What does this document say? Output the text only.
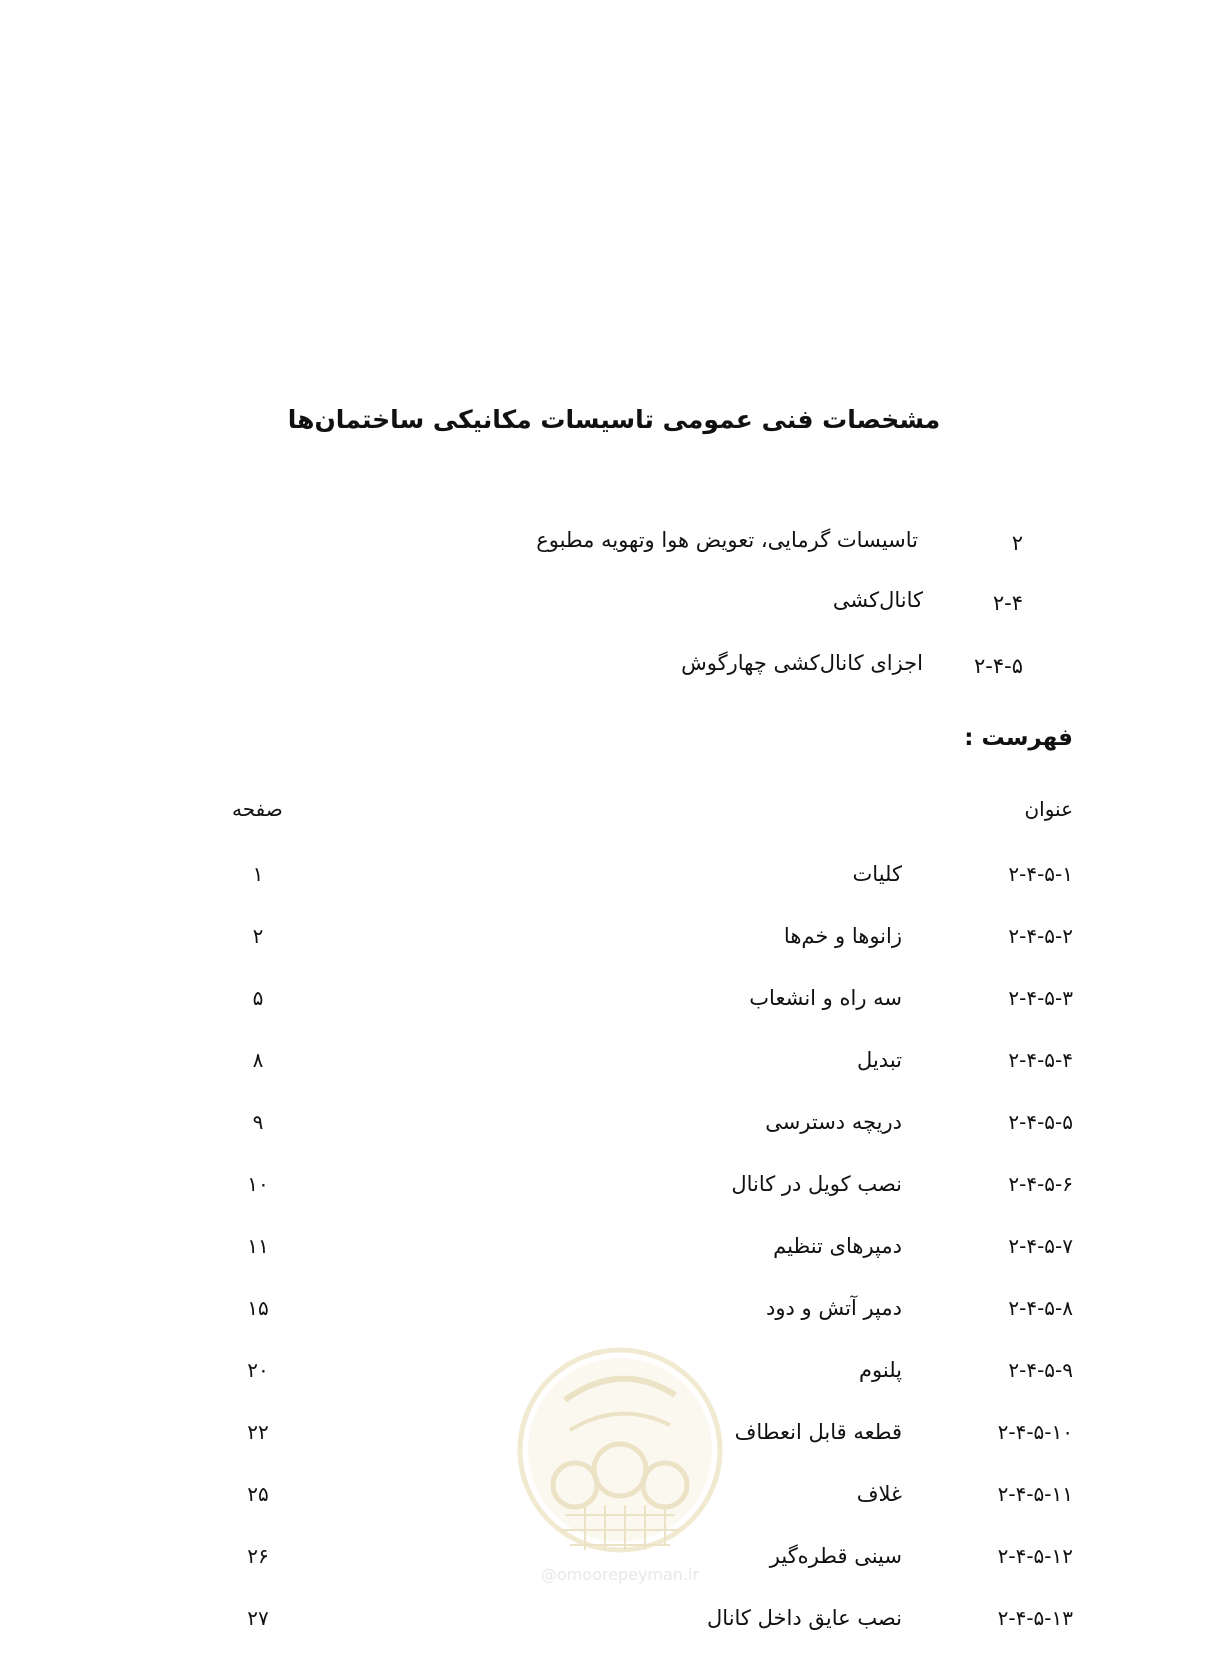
مشخصات فنی عمومی تاسیسات مکانیکی ساختمان‌ها
۲
تاسیسات گرمایی، تعویض هوا وتهویه مطبوع
۲-۴
کانال‌کشی
۲-۴-۵
اجزای کانال‌کشی چهارگوش
فهرست :
عنوان
صفحه
۲-۴-۵-۱
کلیات
۱
۲-۴-۵-۲
زانوها و خم‌ها
۲
۲-۴-۵-۳
سه راه و انشعاب
۵
۲-۴-۵-۴
تبدیل
۸
۲-۴-۵-۵
دریچه دسترسی
۹
۲-۴-۵-۶
نصب کویل در کانال
۱۰
۲-۴-۵-۷
دمپرهای تنظیم
۱۱
۲-۴-۵-۸
دمپر آتش و دود
۱۵
۲-۴-۵-۹
پلنوم
۲۰
۲-۴-۵-۱۰
قطعه قابل انعطاف
۲۲
۲-۴-۵-۱۱
غلاف
۲۵
۲-۴-۵-۱۲
سینی قطره‌گیر
۲۶
۲-۴-۵-۱۳
نصب عایق داخل کانال
۲۷
@omoorepeyman.ir
